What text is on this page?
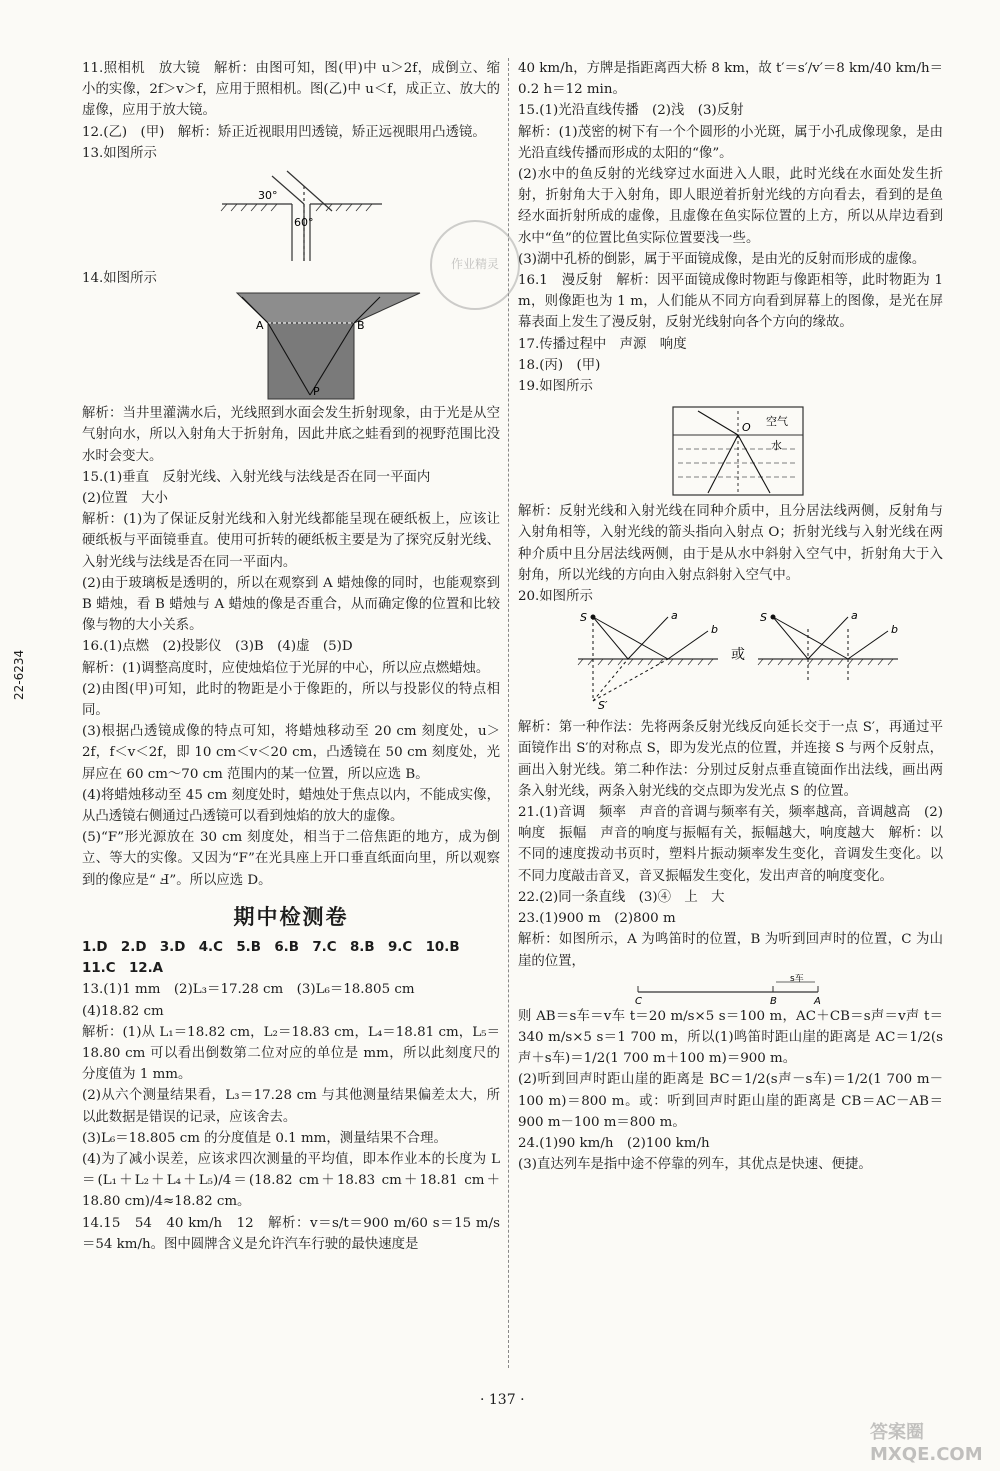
22-6234

11.照相机　放大镜　解析：由图可知，图(甲)中 u＞2f，成倒立、缩小的实像，2f＞v＞f，应用于照相机。图(乙)中 u＜f，成正立、放大的虚像，应用于放大镜。

12.(乙)　(甲)　解析：矫正近视眼用凹透镜，矫正远视眼用凸透镜。

13.如图所示

30°
60°

14.如图所示

A	B
P

解析：当井里灌满水后，光线照到水面会发生折射现象，由于光是从空气射向水，所以入射角大于折射角，因此井底之蛙看到的视野范围比没水时会变大。

15.(1)垂直　反射光线、入射光线与法线是否在同一平面内

(2)位置　大小

解析：(1)为了保证反射光线和入射光线都能呈现在硬纸板上，应该让硬纸板与平面镜垂直。使用可折转的硬纸板主要是为了探究反射光线、入射光线与法线是否在同一平面内。

(2)由于玻璃板是透明的，所以在观察到 A 蜡烛像的同时，也能观察到 B 蜡烛，看 B 蜡烛与 A 蜡烛的像是否重合，从而确定像的位置和比较像与物的大小关系。

16.(1)点燃　(2)投影仪　(3)B　(4)虚　(5)D

解析：(1)调整高度时，应使烛焰位于光屏的中心，所以应点燃蜡烛。

(2)由图(甲)可知，此时的物距是小于像距的，所以与投影仪的特点相同。

(3)根据凸透镜成像的特点可知，将蜡烛移动至 20 cm 刻度处，u＞2f，f＜v＜2f，即 10 cm＜v＜20 cm，凸透镜在 50 cm 刻度处，光屏应在 60 cm～70 cm 范围内的某一位置，所以应选 B。

(4)将蜡烛移动至 45 cm 刻度处时，蜡烛处于焦点以内，不能成实像，从凸透镜右侧通过凸透镜可以看到烛焰的放大的虚像。

(5)“F”形光源放在 30 cm 刻度处，相当于二倍焦距的地方，成为倒立、等大的实像。又因为“F”在光具座上开口垂直纸面向里，所以观察到的像应是“ Ⅎ”。所以应选 D。

期中检测卷

1.D　2.D　3.D　4.C　5.B　6.B　7.C　8.B　9.C　10.B

11.C　12.A

13.(1)1 mm　(2)L₃＝17.28 cm　(3)L₆＝18.805 cm

(4)18.82 cm

解析：(1)从 L₁＝18.82 cm，L₂＝18.83 cm，L₄＝18.81 cm，L₅＝18.80 cm 可以看出倒数第二位对应的单位是 mm，所以此刻度尺的分度值为 1 mm。

(2)从六个测量结果看，L₃＝17.28 cm 与其他测量结果偏差太大，所以此数据是错误的记录，应该舍去。

(3)L₆＝18.805 cm 的分度值是 0.1 mm，测量结果不合理。

(4)为了减小误差，应该求四次测量的平均值，即本作业本的长度为 L＝(L₁＋L₂＋L₄＋L₅)/4＝(18.82 cm＋18.83 cm＋18.81 cm＋18.80 cm)/4≈18.82 cm。

14.15　54　40 km/h　12　解析：v＝s/t＝900 m/60 s＝15 m/s＝54 km/h。图中圆牌含义是允许汽车行驶的最快速度是

40 km/h，方牌是指距离西大桥 8 km，故 t′＝s′/v′＝8 km/40 km/h＝0.2 h＝12 min。

15.(1)光沿直线传播　(2)浅　(3)反射

解析：(1)茂密的树下有一个个圆形的小光斑，属于小孔成像现象，是由光沿直线传播而形成的太阳的“像”。

(2)水中的鱼反射的光线穿过水面进入人眼，此时光线在水面处发生折射，折射角大于入射角，即人眼逆着折射光线的方向看去，看到的是鱼经水面折射所成的虚像，且虚像在鱼实际位置的上方，所以从岸边看到水中“鱼”的位置比鱼实际位置要浅一些。

(3)湖中孔桥的倒影，属于平面镜成像，是由光的反射而形成的虚像。

16.1　漫反射　解析：因平面镜成像时物距与像距相等，此时物距为 1 m，则像距也为 1 m，人们能从不同方向看到屏幕上的图像，是光在屏幕表面上发生了漫反射，反射光线射向各个方向的缘故。

17.传播过程中　声源　响度

18.(丙)　(甲)

19.如图所示

O 空气
水

解析：反射光线和入射光线在同种介质中，且分居法线两侧，反射角与入射角相等，入射光线的箭头指向入射点 O；折射光线与入射光线在两种介质中且分居法线两侧，由于是从水中斜射入空气中，折射角大于入射角，所以光线的方向由入射点斜射入空气中。

20.如图所示

S
S′
a
b
或
S	a
b

解析：第一种作法：先将两条反射光线反向延长交于一点 S′，再通过平面镜作出 S′的对称点 S，即为发光点的位置，并连接 S 与两个反射点，画出入射光线。第二种作法：分别过反射点垂直镜面作出法线，画出两条入射光线，两条入射光线的交点即为发光点 S 的位置。

21.(1)音调　频率　声音的音调与频率有关，频率越高，音调越高　(2)响度　振幅　声音的响度与振幅有关，振幅越大，响度越大　解析：以不同的速度拨动书页时，塑料片振动频率发生变化，音调发生变化。以不同力度敲击音叉，音叉振幅发生变化，发出声音的响度变化。

22.(2)同一条直线　(3)④　上　大

23.(1)900 m　(2)800 m

解析：如图所示，A 为鸣笛时的位置，B 为听到回声时的位置，C 为山崖的位置，

s车
C	B	A

则 AB＝s车＝v车 t＝20 m/s×5 s＝100 m，AC＋CB＝s声＝v声 t＝340 m/s×5 s＝1 700 m，所以(1)鸣笛时距山崖的距离是 AC＝1/2(s声＋s车)＝1/2(1 700 m＋100 m)＝900 m。

(2)听到回声时距山崖的距离是 BC＝1/2(s声－s车)＝1/2(1 700 m－100 m)＝800 m。或：听到回声时距山崖的距离是 CB＝AC－AB＝900 m－100 m＝800 m。

24.(1)90 km/h　(2)100 km/h

(3)直达列车是指中途不停靠的列车，其优点是快速、便捷。

· 137 ·
作业精灵
答案圈 MXQE.COM
